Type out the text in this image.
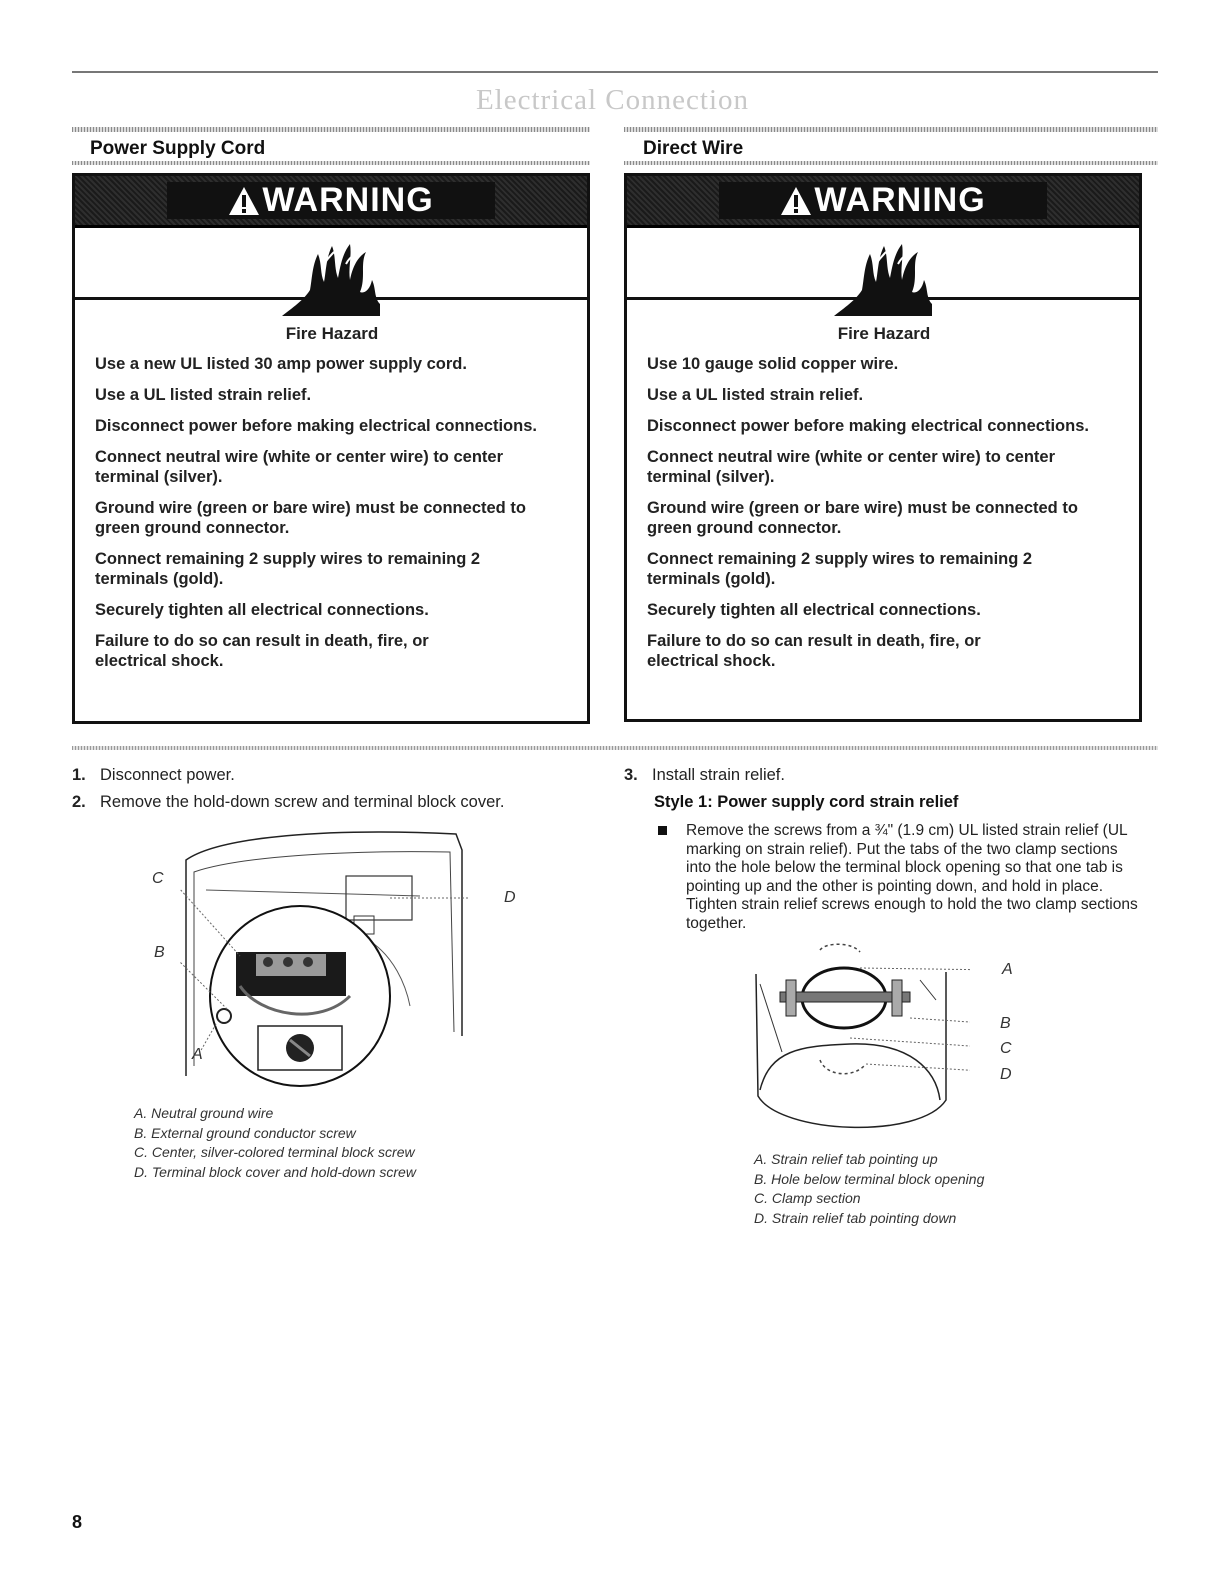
Electrical Connection
Power Supply Cord	Direct Wire
WARNING
Fire Hazard
Use a new UL listed 30 amp power supply cord.
Use a UL listed strain relief.
Disconnect power before making electrical connections.
Connect neutral wire (white or center wire) to center terminal (silver).
Ground wire (green or bare wire) must be connected to green ground connector.
Connect remaining 2 supply wires to remaining 2 terminals (gold).
Securely tighten all electrical connections.
Failure to do so can result in death, fire, or electrical shock.
WARNING
Fire Hazard
Use 10 gauge solid copper wire.
Use a UL listed strain relief.
Disconnect power before making electrical connections.
Connect neutral wire (white or center wire) to center terminal (silver).
Ground wire (green or bare wire) must be connected to green ground connector.
Connect remaining 2 supply wires to remaining 2 terminals (gold).
Securely tighten all electrical connections.
Failure to do so can result in death, fire, or electrical shock.
1. Disconnect power.
2. Remove the hold-down screw and terminal block cover.
C
B
A
D
A. Neutral ground wire
B. External ground conductor screw
C. Center, silver-colored terminal block screw
D. Terminal block cover and hold-down screw
3. Install strain relief.
Style 1: Power supply cord strain relief
Remove the screws from a ¾" (1.9 cm) UL listed strain relief (UL marking on strain relief). Put the tabs of the two clamp sections into the hole below the terminal block opening so that one tab is pointing up and the other is pointing down, and hold in place. Tighten strain relief screws enough to hold the two clamp sections together.
A
B
C
D
A. Strain relief tab pointing up
B. Hole below terminal block opening
C. Clamp section
D. Strain relief tab pointing down
8
